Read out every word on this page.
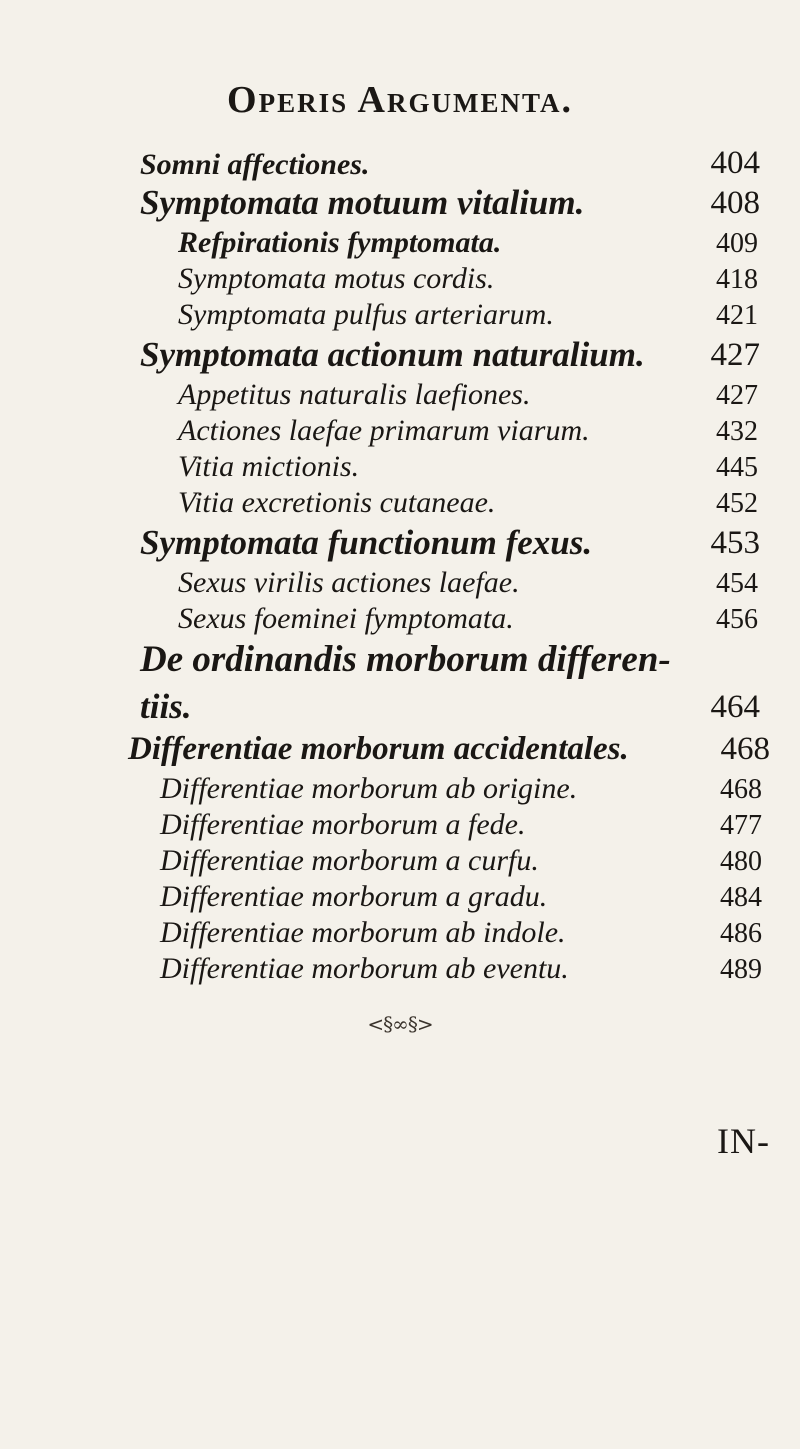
Operis Argumenta.
Somni affectiones.	404
Symptomata motuum vitalium.	408
Refpirationis fymptomata.	409
Symptomata motus cordis.	418
Symptomata pulfus arteriarum.	421
Symptomata actionum naturalium. 427
Appetitus naturalis laefiones.	427
Actiones laefae primarum viarum.	432
Vitia mictionis.	445
Vitia excretionis cutaneae.	452
Symptomata functionum fexus.	453
Sexus virilis actiones laefae.	454
Sexus foeminei fymptomata.	456
De ordinandis morborum differen-
tiis.	464
Differentiae morborum accidentales.	468
Differentiae morborum ab origine.	468
Differentiae morborum a fede.	477
Differentiae morborum a curfu.	480
Differentiae morborum a gradu.	484
Differentiae morborum ab indole.	486
Differentiae morborum ab eventu.	489
<§∞§>
IN-
